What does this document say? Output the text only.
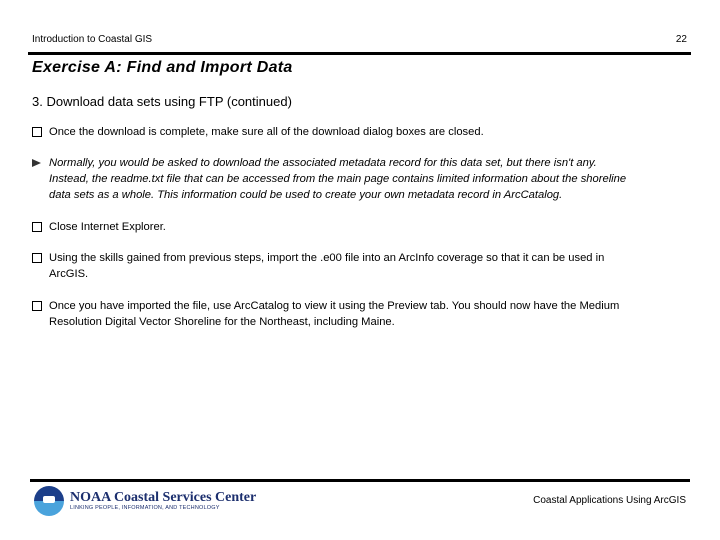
Introduction to Coastal GIS	22
Exercise A: Find and Import Data
3. Download data sets using FTP (continued)
Once the download is complete, make sure all of the download dialog boxes are closed.
Normally, you would be asked to download the associated metadata record for this data set, but there isn't any.
Instead, the readme.txt file that can be accessed from the main page contains limited information about the shoreline
data sets as a whole. This information could be used to create your own metadata record in ArcCatalog.
Close Internet Explorer.
Using the skills gained from previous steps, import the .e00 file into an ArcInfo coverage so that it can be used in
ArcGIS.
Once you have imported the file, use ArcCatalog to view it using the Preview tab. You should now have the Medium
Resolution Digital Vector Shoreline for the Northeast, including Maine.
NOAA Coastal Services Center
LINKING PEOPLE, INFORMATION, AND TECHNOLOGY
Coastal Applications Using ArcGIS
